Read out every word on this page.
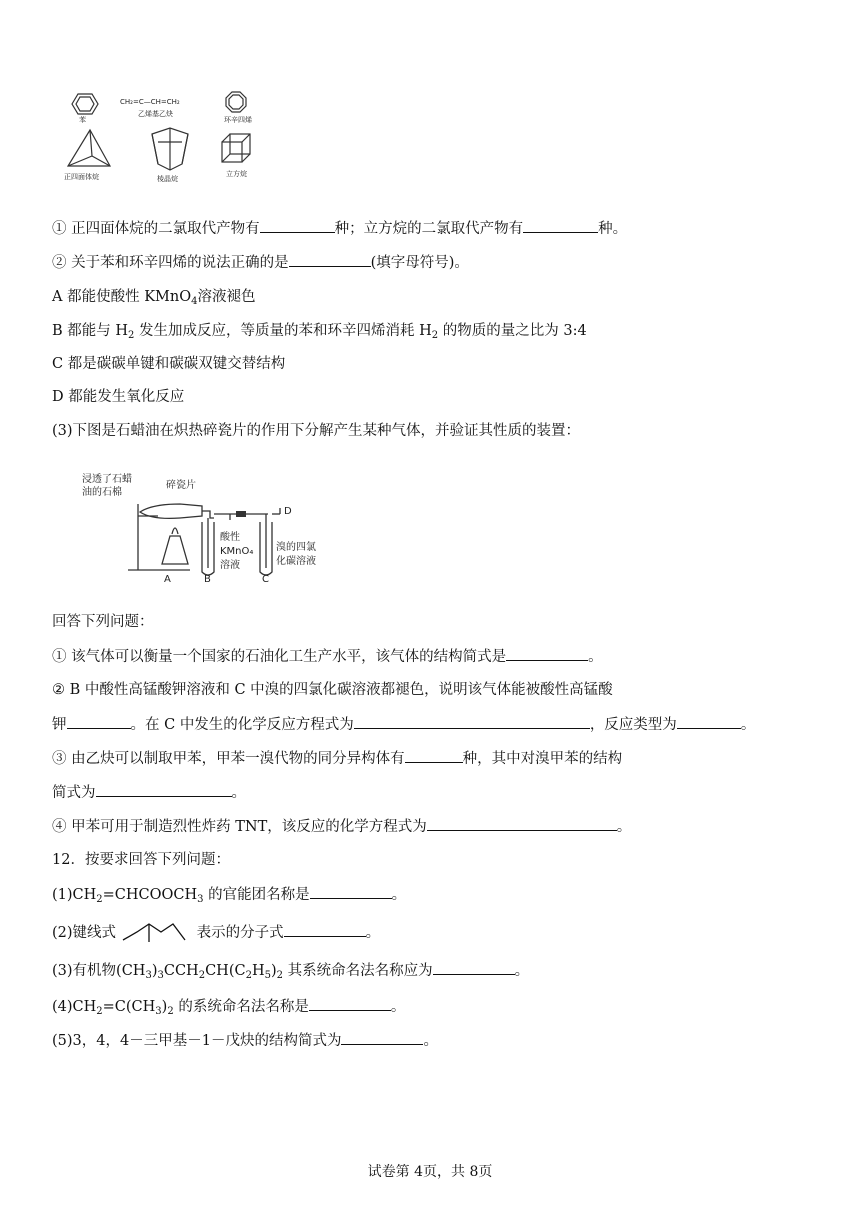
苯
CH₂=C—CH=CH₂
乙烯基乙炔
环辛四烯
正四面体烷	棱晶烷
立方烷
① 正四面体烷的二氯取代产物有	种；立方烷的二氯取代产物有	种。
② 关于苯和环辛四烯的说法正确的是	(填字母符号)。
A 都能使酸性 KMnO$_4$溶液褪色
B 都能与 $H_2$ 发生加成反应，等质量的苯和环辛四烯消耗 $H_2$ 的物质的量之比为 3:4
C 都是碳碳单键和碳碳双键交替结构
D 都能发生氧化反应
(3)下图是石蜡油在炽热碎瓷片的作用下分解产生某种气体，并验证其性质的装置：
浸透了石蜡
油的石棉
碎瓷片
酸性
KMnO₄
溶液
溴的四氯
化碳溶液
A	B	C
D
回答下列问题：
① 该气体可以衡量一个国家的石油化工生产水平，该气体的结构简式是	。
② B 中酸性高锰酸钾溶液和 C 中溴的四氯化碳溶液都褪色，说明该气体能被酸性高锰酸
钾	。在 C 中发生的化学反应方程式为	，反应类型为	。
③ 由乙炔可以制取甲苯，甲苯一溴代物的同分异构体有	种，其中对溴甲苯的结构
简式为	。
④ 甲苯可用于制造烈性炸药 TNT，该反应的化学方程式为	。
12．按要求回答下列问题：
$(1)CH_2=CHCOOCH_3$ 的官能团名称是	。
(2)键线式	表示的分子式	。
(3)有机物$(CH_3)_3CCH_2CH(C_2H_5)_2$ 其系统命名法名称应为	。
$(4)CH_2=C(CH_3)_2$ 的系统命名法名称是	。
(5)3，4，4－三甲基－1－戊炔的结构简式为	。
试卷第 4页，共 8页
